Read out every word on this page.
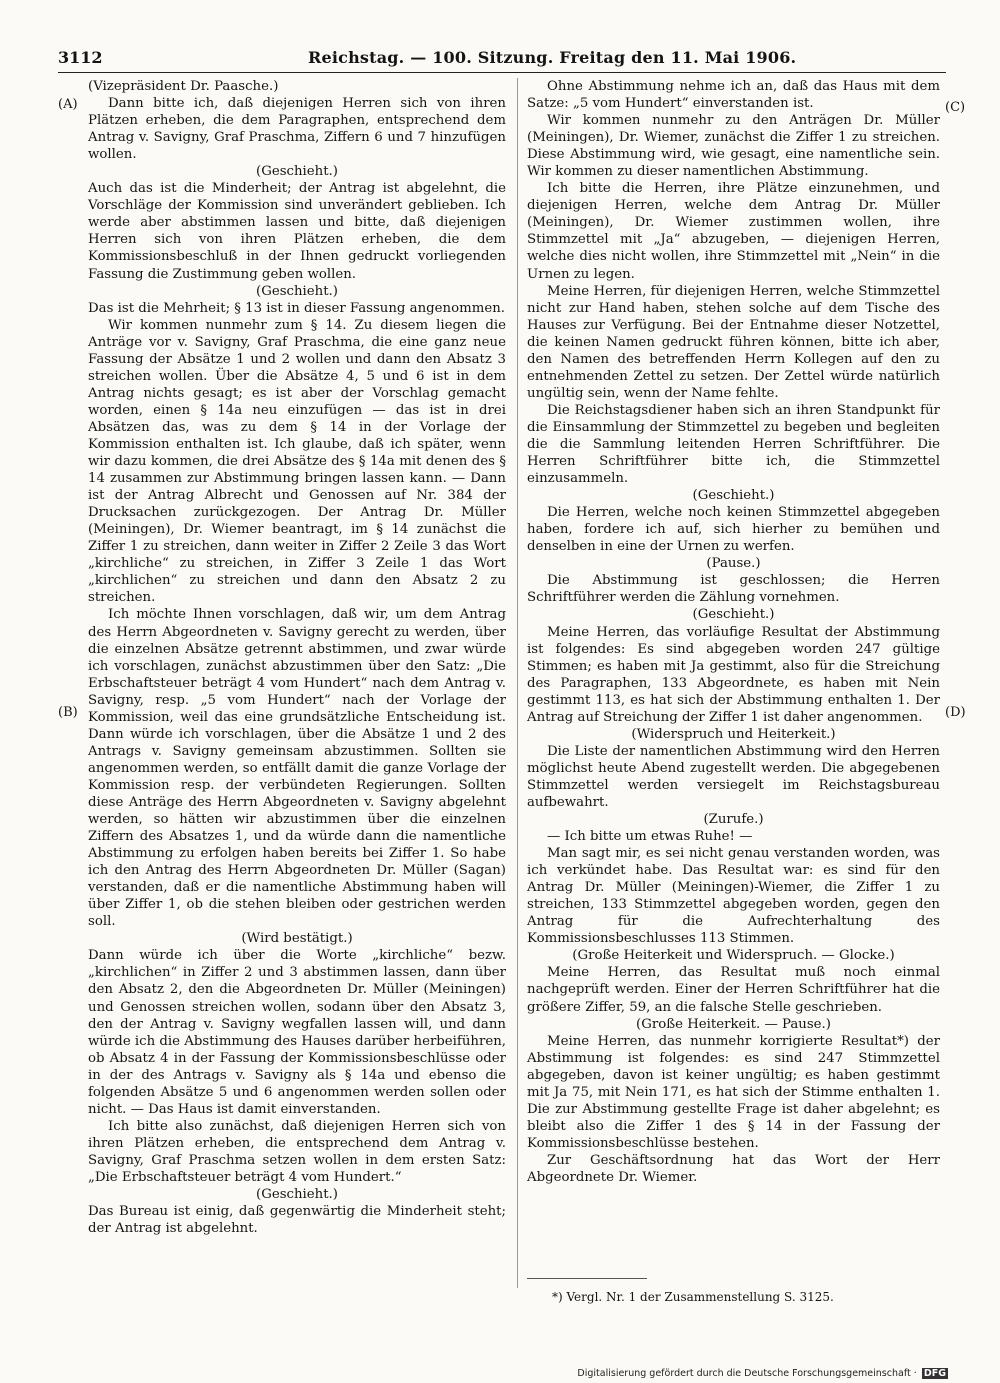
3112	Reichstag. — 100. Sitzung. Freitag den 11. Mai 1906.
(A)
(B)
(C)
(D)

(Vizepräsident Dr. Paasche.)

Dann bitte ich, daß diejenigen Herren sich von ihren Plätzen erheben, die dem Paragraphen, entsprechend dem Antrag v. Savigny, Graf Praschma, Ziffern 6 und 7 hinzufügen wollen.

(Geschieht.)

Auch das ist die Minderheit; der Antrag ist abgelehnt, die Vorschläge der Kommission sind unverändert geblieben. Ich werde aber abstimmen lassen und bitte, daß diejenigen Herren sich von ihren Plätzen erheben, die dem Kommissionsbeschluß in der Ihnen gedruckt vorliegenden Fassung die Zustimmung geben wollen.

(Geschieht.)

Das ist die Mehrheit; § 13 ist in dieser Fassung angenommen.

Wir kommen nunmehr zum § 14. Zu diesem liegen die Anträge vor v. Savigny, Graf Praschma, die eine ganz neue Fassung der Absätze 1 und 2 wollen und dann den Absatz 3 streichen wollen. Über die Absätze 4, 5 und 6 ist in dem Antrag nichts gesagt; es ist aber der Vorschlag gemacht worden, einen § 14a neu einzufügen — das ist in drei Absätzen das, was zu dem § 14 in der Vorlage der Kommission enthalten ist. Ich glaube, daß ich später, wenn wir dazu kommen, die drei Absätze des § 14a mit denen des § 14 zusammen zur Abstimmung bringen lassen kann. — Dann ist der Antrag Albrecht und Genossen auf Nr. 384 der Drucksachen zurückgezogen. Der Antrag Dr. Müller (Meiningen), Dr. Wiemer beantragt, im § 14 zunächst die Ziffer 1 zu streichen, dann weiter in Ziffer 2 Zeile 3 das Wort „kirchliche“ zu streichen, in Ziffer 3 Zeile 1 das Wort „kirchlichen“ zu streichen und dann den Absatz 2 zu streichen.

Ich möchte Ihnen vorschlagen, daß wir, um dem Antrag des Herrn Abgeordneten v. Savigny gerecht zu werden, über die einzelnen Absätze getrennt abstimmen, und zwar würde ich vorschlagen, zunächst abzustimmen über den Satz: „Die Erbschaftsteuer beträgt 4 vom Hundert“ nach dem Antrag v. Savigny, resp. „5 vom Hundert“ nach der Vorlage der Kommission, weil das eine grundsätzliche Entscheidung ist. Dann würde ich vorschlagen, über die Absätze 1 und 2 des Antrags v. Savigny gemeinsam abzustimmen. Sollten sie angenommen werden, so entfällt damit die ganze Vorlage der Kommission resp. der verbündeten Regierungen. Sollten diese Anträge des Herrn Abgeordneten v. Savigny abgelehnt werden, so hätten wir abzustimmen über die einzelnen Ziffern des Absatzes 1, und da würde dann die namentliche Abstimmung zu erfolgen haben bereits bei Ziffer 1. So habe ich den Antrag des Herrn Abgeordneten Dr. Müller (Sagan) verstanden, daß er die namentliche Abstimmung haben will über Ziffer 1, ob die stehen bleiben oder gestrichen werden soll.

(Wird bestätigt.)

Dann würde ich über die Worte „kirchliche“ bezw. „kirchlichen“ in Ziffer 2 und 3 abstimmen lassen, dann über den Absatz 2, den die Abgeordneten Dr. Müller (Meiningen) und Genossen streichen wollen, sodann über den Absatz 3, den der Antrag v. Savigny wegfallen lassen will, und dann würde ich die Abstimmung des Hauses darüber herbeiführen, ob Absatz 4 in der Fassung der Kommissionsbeschlüsse oder in der des Antrags v. Savigny als § 14a und ebenso die folgenden Absätze 5 und 6 angenommen werden sollen oder nicht. — Das Haus ist damit einverstanden.

Ich bitte also zunächst, daß diejenigen Herren sich von ihren Plätzen erheben, die entsprechend dem Antrag v. Savigny, Graf Praschma setzen wollen in dem ersten Satz: „Die Erbschaftsteuer beträgt 4 vom Hundert.“

(Geschieht.)

Das Bureau ist einig, daß gegenwärtig die Minderheit steht; der Antrag ist abgelehnt.

Ohne Abstimmung nehme ich an, daß das Haus mit dem Satze: „5 vom Hundert“ einverstanden ist.

Wir kommen nunmehr zu den Anträgen Dr. Müller (Meiningen), Dr. Wiemer, zunächst die Ziffer 1 zu streichen. Diese Abstimmung wird, wie gesagt, eine namentliche sein. Wir kommen zu dieser namentlichen Abstimmung.

Ich bitte die Herren, ihre Plätze einzunehmen, und diejenigen Herren, welche dem Antrag Dr. Müller (Meiningen), Dr. Wiemer zustimmen wollen, ihre Stimmzettel mit „Ja“ abzugeben, — diejenigen Herren, welche dies nicht wollen, ihre Stimmzettel mit „Nein“ in die Urnen zu legen.

Meine Herren, für diejenigen Herren, welche Stimmzettel nicht zur Hand haben, stehen solche auf dem Tische des Hauses zur Verfügung. Bei der Entnahme dieser Notzettel, die keinen Namen gedruckt führen können, bitte ich aber, den Namen des betreffenden Herrn Kollegen auf den zu entnehmenden Zettel zu setzen. Der Zettel würde natürlich ungültig sein, wenn der Name fehlte.

Die Reichstagsdiener haben sich an ihren Standpunkt für die Einsammlung der Stimmzettel zu begeben und begleiten die die Sammlung leitenden Herren Schriftführer. Die Herren Schriftführer bitte ich, die Stimmzettel einzusammeln.

(Geschieht.)

Die Herren, welche noch keinen Stimmzettel abgegeben haben, fordere ich auf, sich hierher zu bemühen und denselben in eine der Urnen zu werfen.

(Pause.)

Die Abstimmung ist geschlossen; die Herren Schriftführer werden die Zählung vornehmen.

(Geschieht.)

Meine Herren, das vorläufige Resultat der Abstimmung ist folgendes: Es sind abgegeben worden 247 gültige Stimmen; es haben mit Ja gestimmt, also für die Streichung des Paragraphen, 133 Abgeordnete, es haben mit Nein gestimmt 113, es hat sich der Abstimmung enthalten 1. Der Antrag auf Streichung der Ziffer 1 ist daher angenommen.

(Widerspruch und Heiterkeit.)

Die Liste der namentlichen Abstimmung wird den Herren möglichst heute Abend zugestellt werden. Die abgegebenen Stimmzettel werden versiegelt im Reichstagsbureau aufbewahrt.

(Zurufe.)

— Ich bitte um etwas Ruhe! —

Man sagt mir, es sei nicht genau verstanden worden, was ich verkündet habe. Das Resultat war: es sind für den Antrag Dr. Müller (Meiningen)-Wiemer, die Ziffer 1 zu streichen, 133 Stimmzettel abgegeben worden, gegen den Antrag für die Aufrechterhaltung des Kommissionsbeschlusses 113 Stimmen.

(Große Heiterkeit und Widerspruch. — Glocke.)

Meine Herren, das Resultat muß noch einmal nachgeprüft werden. Einer der Herren Schriftführer hat die größere Ziffer, 59, an die falsche Stelle geschrieben.

(Große Heiterkeit. — Pause.)

Meine Herren, das nunmehr korrigierte Resultat*) der Abstimmung ist folgendes: es sind 247 Stimmzettel abgegeben, davon ist keiner ungültig; es haben gestimmt mit Ja 75, mit Nein 171, es hat sich der Stimme enthalten 1. Die zur Abstimmung gestellte Frage ist daher abgelehnt; es bleibt also die Ziffer 1 des § 14 in der Fassung der Kommissionsbeschlüsse bestehen.

Zur Geschäftsordnung hat das Wort der Herr Abgeordnete Dr. Wiemer.

*) Vergl. Nr. 1 der Zusammenstellung S. 3125.
Digitalisierung gefördert durch die Deutsche Forschungsgemeinschaft · DFG
